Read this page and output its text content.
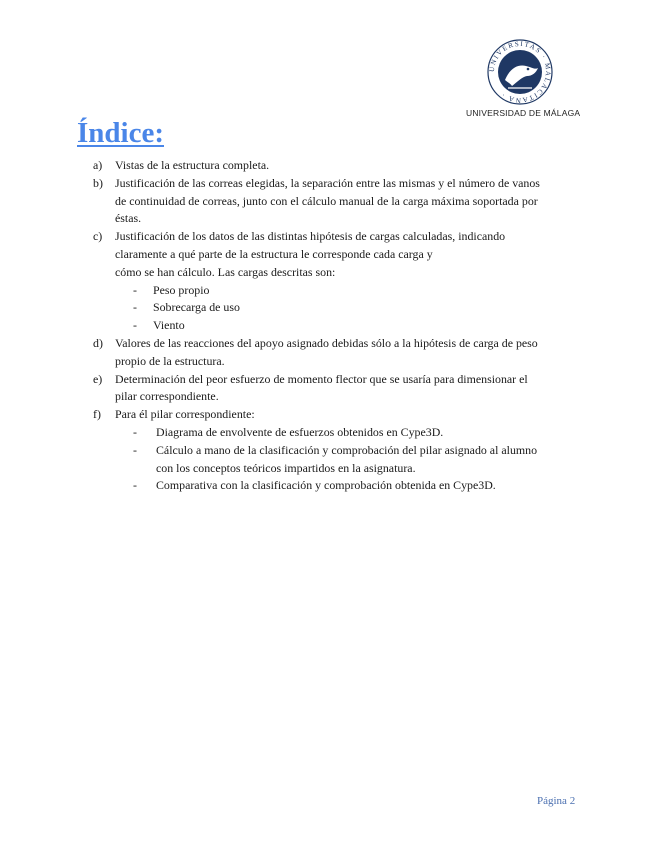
UNIVERSITAS · MALACITANA ·
UNIVERSIDAD DE MÁLAGA
Índice:
a) Vistas de la estructura completa.
b) Justificación de las correas elegidas, la separación entre las mismas y el número de vanos
de continuidad de correas, junto con el cálculo manual de la carga máxima soportada por
éstas.
c) Justificación de los datos de las distintas hipótesis de cargas calculadas, indicando
claramente a qué parte de la estructura le corresponde cada carga y
cómo se han cálculo. Las cargas descritas son:
- Peso propio
- Sobrecarga de uso
- Viento
d) Valores de las reacciones del apoyo asignado debidas sólo a la hipótesis de carga de peso
propio de la estructura.
e) Determinación del peor esfuerzo de momento flector que se usaría para dimensionar el
pilar correspondiente.
f) Para él pilar correspondiente:
- Diagrama de envolvente de esfuerzos obtenidos en Cype3D.
- Cálculo a mano de la clasificación y comprobación del pilar asignado al alumno
con los conceptos teóricos impartidos en la asignatura.
- Comparativa con la clasificación y comprobación obtenida en Cype3D.
Página 2
